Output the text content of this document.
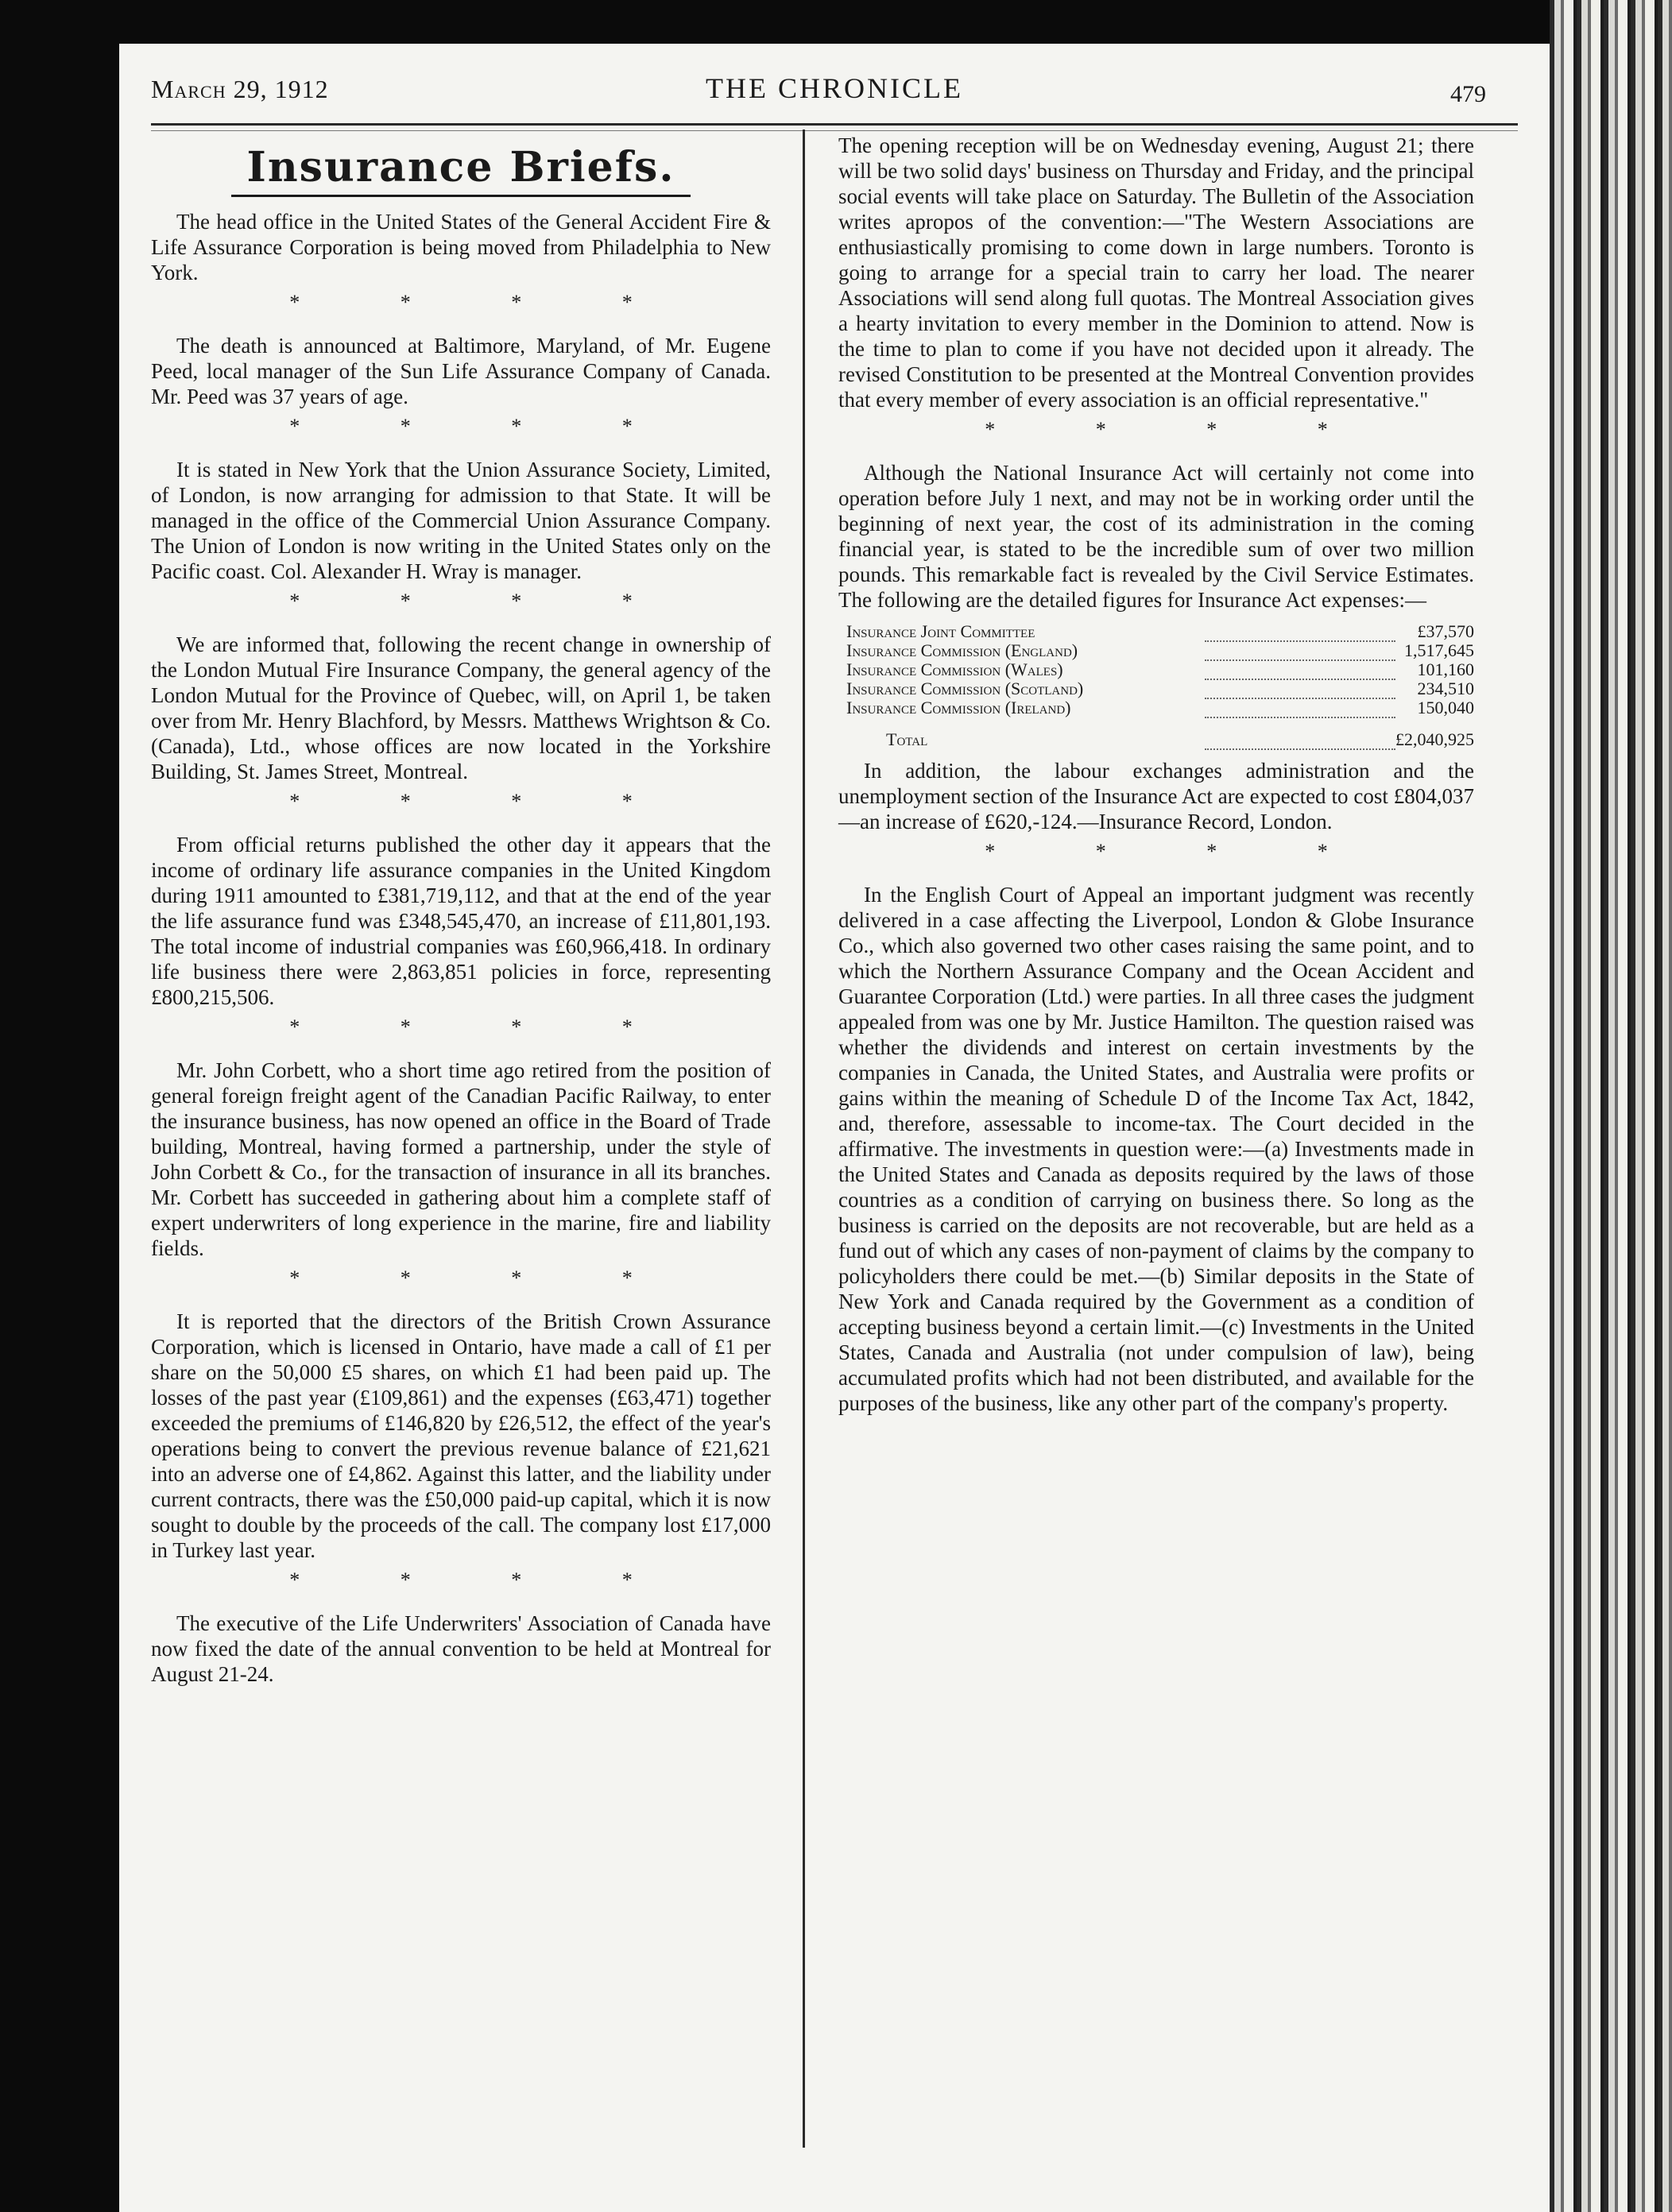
THE CHRONICLE
March 29, 1912	479
Insurance Briefs.

The head office in the United States of the General Accident Fire & Life Assurance Corporation is being moved from Philadelphia to New York.

* * * *

The death is announced at Baltimore, Maryland, of Mr. Eugene Peed, local manager of the Sun Life Assurance Company of Canada. Mr. Peed was 37 years of age.

* * * *

It is stated in New York that the Union Assurance Society, Limited, of London, is now arranging for admission to that State. It will be managed in the office of the Commercial Union Assurance Company. The Union of London is now writing in the United States only on the Pacific coast. Col. Alexander H. Wray is manager.

* * * *

We are informed that, following the recent change in ownership of the London Mutual Fire Insurance Company, the general agency of the London Mutual for the Province of Quebec, will, on April 1, be taken over from Mr. Henry Blachford, by Messrs. Matthews Wrightson & Co. (Canada), Ltd., whose offices are now located in the Yorkshire Building, St. James Street, Montreal.

* * * *

From official returns published the other day it appears that the income of ordinary life assurance companies in the United Kingdom during 1911 amounted to £381,719,112, and that at the end of the year the life assurance fund was £348,545,470, an increase of £11,801,193. The total income of industrial companies was £60,966,418. In ordinary life business there were 2,863,851 policies in force, representing £800,215,506.

* * * *

Mr. John Corbett, who a short time ago retired from the position of general foreign freight agent of the Canadian Pacific Railway, to enter the insurance business, has now opened an office in the Board of Trade building, Montreal, having formed a partnership, under the style of John Corbett & Co., for the transaction of insurance in all its branches. Mr. Corbett has succeeded in gathering about him a complete staff of expert underwriters of long experience in the marine, fire and liability fields.

* * * *

It is reported that the directors of the British Crown Assurance Corporation, which is licensed in Ontario, have made a call of £1 per share on the 50,000 £5 shares, on which £1 had been paid up. The losses of the past year (£109,861) and the expenses (£63,471) together exceeded the premiums of £146,820 by £26,512, the effect of the year's operations being to convert the previous revenue balance of £21,621 into an adverse one of £4,862. Against this latter, and the liability under current contracts, there was the £50,000 paid-up capital, which it is now sought to double by the proceeds of the call. The company lost £17,000 in Turkey last year.

* * * *

The executive of the Life Underwriters' Association of Canada have now fixed the date of the annual convention to be held at Montreal for August 21-24.

The opening reception will be on Wednesday evening, August 21; there will be two solid days' business on Thursday and Friday, and the principal social events will take place on Saturday. The Bulletin of the Association writes apropos of the convention:—"The Western Associations are enthusiastically promising to come down in large numbers. Toronto is going to arrange for a special train to carry her load. The nearer Associations will send along full quotas. The Montreal Association gives a hearty invitation to every member in the Dominion to attend. Now is the time to plan to come if you have not decided upon it already. The revised Constitution to be presented at the Montreal Convention provides that every member of every association is an official representative."

* * * *

Although the National Insurance Act will certainly not come into operation before July 1 next, and may not be in working order until the beginning of next year, the cost of its administration in the coming financial year, is stated to be the incredible sum of over two million pounds. This remarkable fact is revealed by the Civil Service Estimates. The following are the detailed figures for Insurance Act expenses:—

Insurance Joint Committee		£37,570
Insurance Commission (England)		1,517,645
Insurance Commission (Wales)		101,160
Insurance Commission (Scotland)		234,510
Insurance Commission (Ireland)		150,040
Total		£2,040,925

In addition, the labour exchanges administration and the unemployment section of the Insurance Act are expected to cost £804,037—an increase of £620,-124.—Insurance Record, London.

* * * *

In the English Court of Appeal an important judgment was recently delivered in a case affecting the Liverpool, London & Globe Insurance Co., which also governed two other cases raising the same point, and to which the Northern Assurance Company and the Ocean Accident and Guarantee Corporation (Ltd.) were parties. In all three cases the judgment appealed from was one by Mr. Justice Hamilton. The question raised was whether the dividends and interest on certain investments by the companies in Canada, the United States, and Australia were profits or gains within the meaning of Schedule D of the Income Tax Act, 1842, and, therefore, assessable to income-tax. The Court decided in the affirmative. The investments in question were:—(a) Investments made in the United States and Canada as deposits required by the laws of those countries as a condition of carrying on business there. So long as the business is carried on the deposits are not recoverable, but are held as a fund out of which any cases of non-payment of claims by the company to policyholders there could be met.—(b) Similar deposits in the State of New York and Canada required by the Government as a condition of accepting business beyond a certain limit.—(c) Investments in the United States, Canada and Australia (not under compulsion of law), being accumulated profits which had not been distributed, and available for the purposes of the business, like any other part of the company's property.
